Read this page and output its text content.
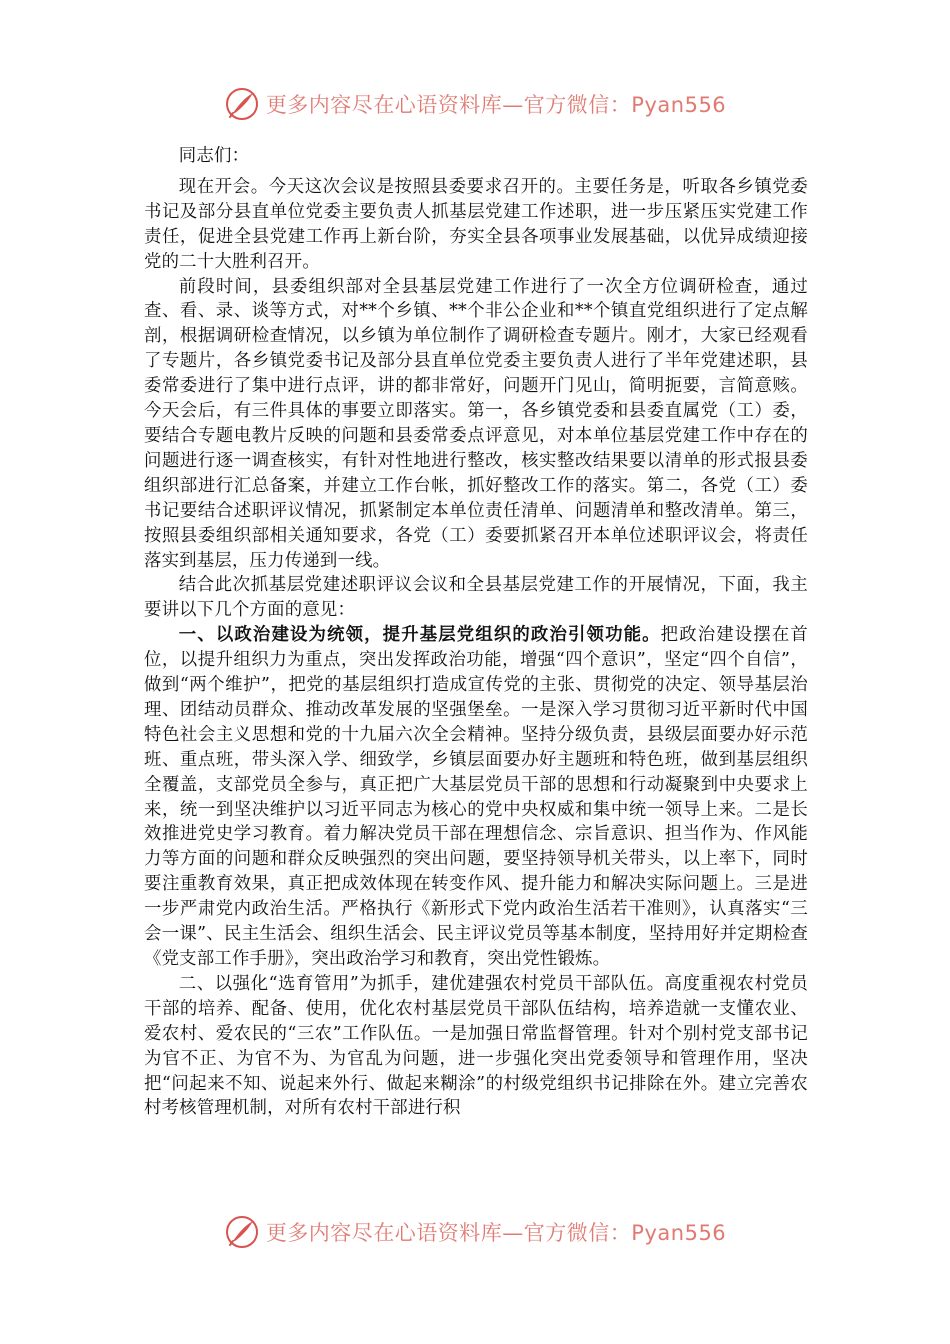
更多内容尽在心语资料库—官方微信：Pyan556

同志们：

现在开会。今天这次会议是按照县委要求召开的。主要任务是，听取各乡镇党委书记及部分县直单位党委主要负责人抓基层党建工作述职，进一步压紧压实党建工作责任，促进全县党建工作再上新台阶，夯实全县各项事业发展基础，以优异成绩迎接党的二十大胜利召开。

前段时间，县委组织部对全县基层党建工作进行了一次全方位调研检查，通过查、看、录、谈等方式，对**个乡镇、**个非公企业和**个镇直党组织进行了定点解剖，根据调研检查情况，以乡镇为单位制作了调研检查专题片。刚才，大家已经观看了专题片，各乡镇党委书记及部分县直单位党委主要负责人进行了半年党建述职，县委常委进行了集中进行点评，讲的都非常好，问题开门见山，简明扼要，言简意赅。今天会后，有三件具体的事要立即落实。第一，各乡镇党委和县委直属党（工）委，要结合专题电教片反映的问题和县委常委点评意见，对本单位基层党建工作中存在的问题进行逐一调查核实，有针对性地进行整改，核实整改结果要以清单的形式报县委组织部进行汇总备案，并建立工作台帐，抓好整改工作的落实。第二，各党（工）委书记要结合述职评议情况，抓紧制定本单位责任清单、问题清单和整改清单。第三，按照县委组织部相关通知要求，各党（工）委要抓紧召开本单位述职评议会，将责任落实到基层，压力传递到一线。

结合此次抓基层党建述职评议会议和全县基层党建工作的开展情况，下面，我主要讲以下几个方面的意见：

一、以政治建设为统领，提升基层党组织的政治引领功能。把政治建设摆在首位，以提升组织力为重点，突出发挥政治功能，增强“四个意识”，坚定“四个自信”，做到“两个维护”，把党的基层组织打造成宣传党的主张、贯彻党的决定、领导基层治理、团结动员群众、推动改革发展的坚强堡垒。一是深入学习贯彻习近平新时代中国特色社会主义思想和党的十九届六次全会精神。坚持分级负责，县级层面要办好示范班、重点班，带头深入学、细致学，乡镇层面要办好主题班和特色班，做到基层组织全覆盖，支部党员全参与，真正把广大基层党员干部的思想和行动凝聚到中央要求上来，统一到坚决维护以习近平同志为核心的党中央权威和集中统一领导上来。二是长效推进党史学习教育。着力解决党员干部在理想信念、宗旨意识、担当作为、作风能力等方面的问题和群众反映强烈的突出问题，要坚持领导机关带头，以上率下，同时要注重教育效果，真正把成效体现在转变作风、提升能力和解决实际问题上。三是进一步严肃党内政治生活。严格执行《新形式下党内政治生活若干准则》，认真落实“三会一课”、民主生活会、组织生活会、民主评议党员等基本制度，坚持用好并定期检查《党支部工作手册》，突出政治学习和教育，突出党性锻炼。

二、以强化“选育管用”为抓手，建优建强农村党员干部队伍。高度重视农村党员干部的培养、配备、使用，优化农村基层党员干部队伍结构，培养造就一支懂农业、爱农村、爱农民的“三农”工作队伍。一是加强日常监督管理。针对个别村党支部书记为官不正、为官不为、为官乱为问题，进一步强化突出党委领导和管理作用，坚决把“问起来不知、说起来外行、做起来糊涂”的村级党组织书记排除在外。建立完善农村考核管理机制，对所有农村干部进行积

更多内容尽在心语资料库—官方微信：Pyan556
